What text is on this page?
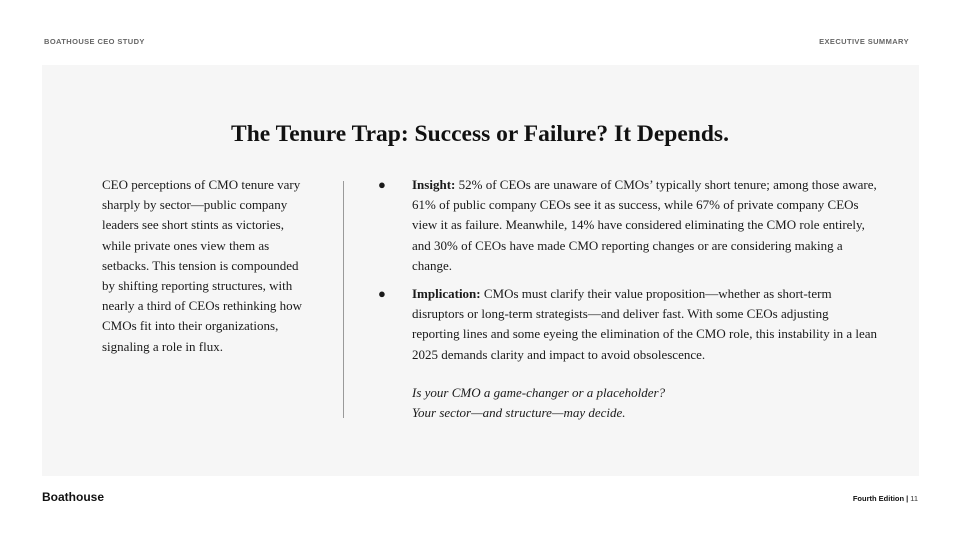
BOATHOUSE CEO STUDY	EXECUTIVE SUMMARY
The Tenure Trap: Success or Failure? It Depends.
CEO perceptions of CMO tenure vary sharply by sector—public company leaders see short stints as victories, while private ones view them as setbacks. This tension is compounded by shifting reporting structures, with nearly a third of CEOs rethinking how CMOs fit into their organizations, signaling a role in flux.
● Insight: 52% of CEOs are unaware of CMOs’ typically short tenure; among those aware, 61% of public company CEOs see it as success, while 67% of private company CEOs view it as failure. Meanwhile, 14% have considered eliminating the CMO role entirely, and 30% of CEOs have made CMO reporting changes or are considering making a change.
● Implication: CMOs must clarify their value proposition—whether as short-term disruptors or long-term strategists—and deliver fast. With some CEOs adjusting reporting lines and some eyeing the elimination of the CMO role, this instability in a lean 2025 demands clarity and impact to avoid obsolescence.
Is your CMO a game-changer or a placeholder?
Your sector—and structure—may decide.
Boathouse	Fourth Edition | 11
